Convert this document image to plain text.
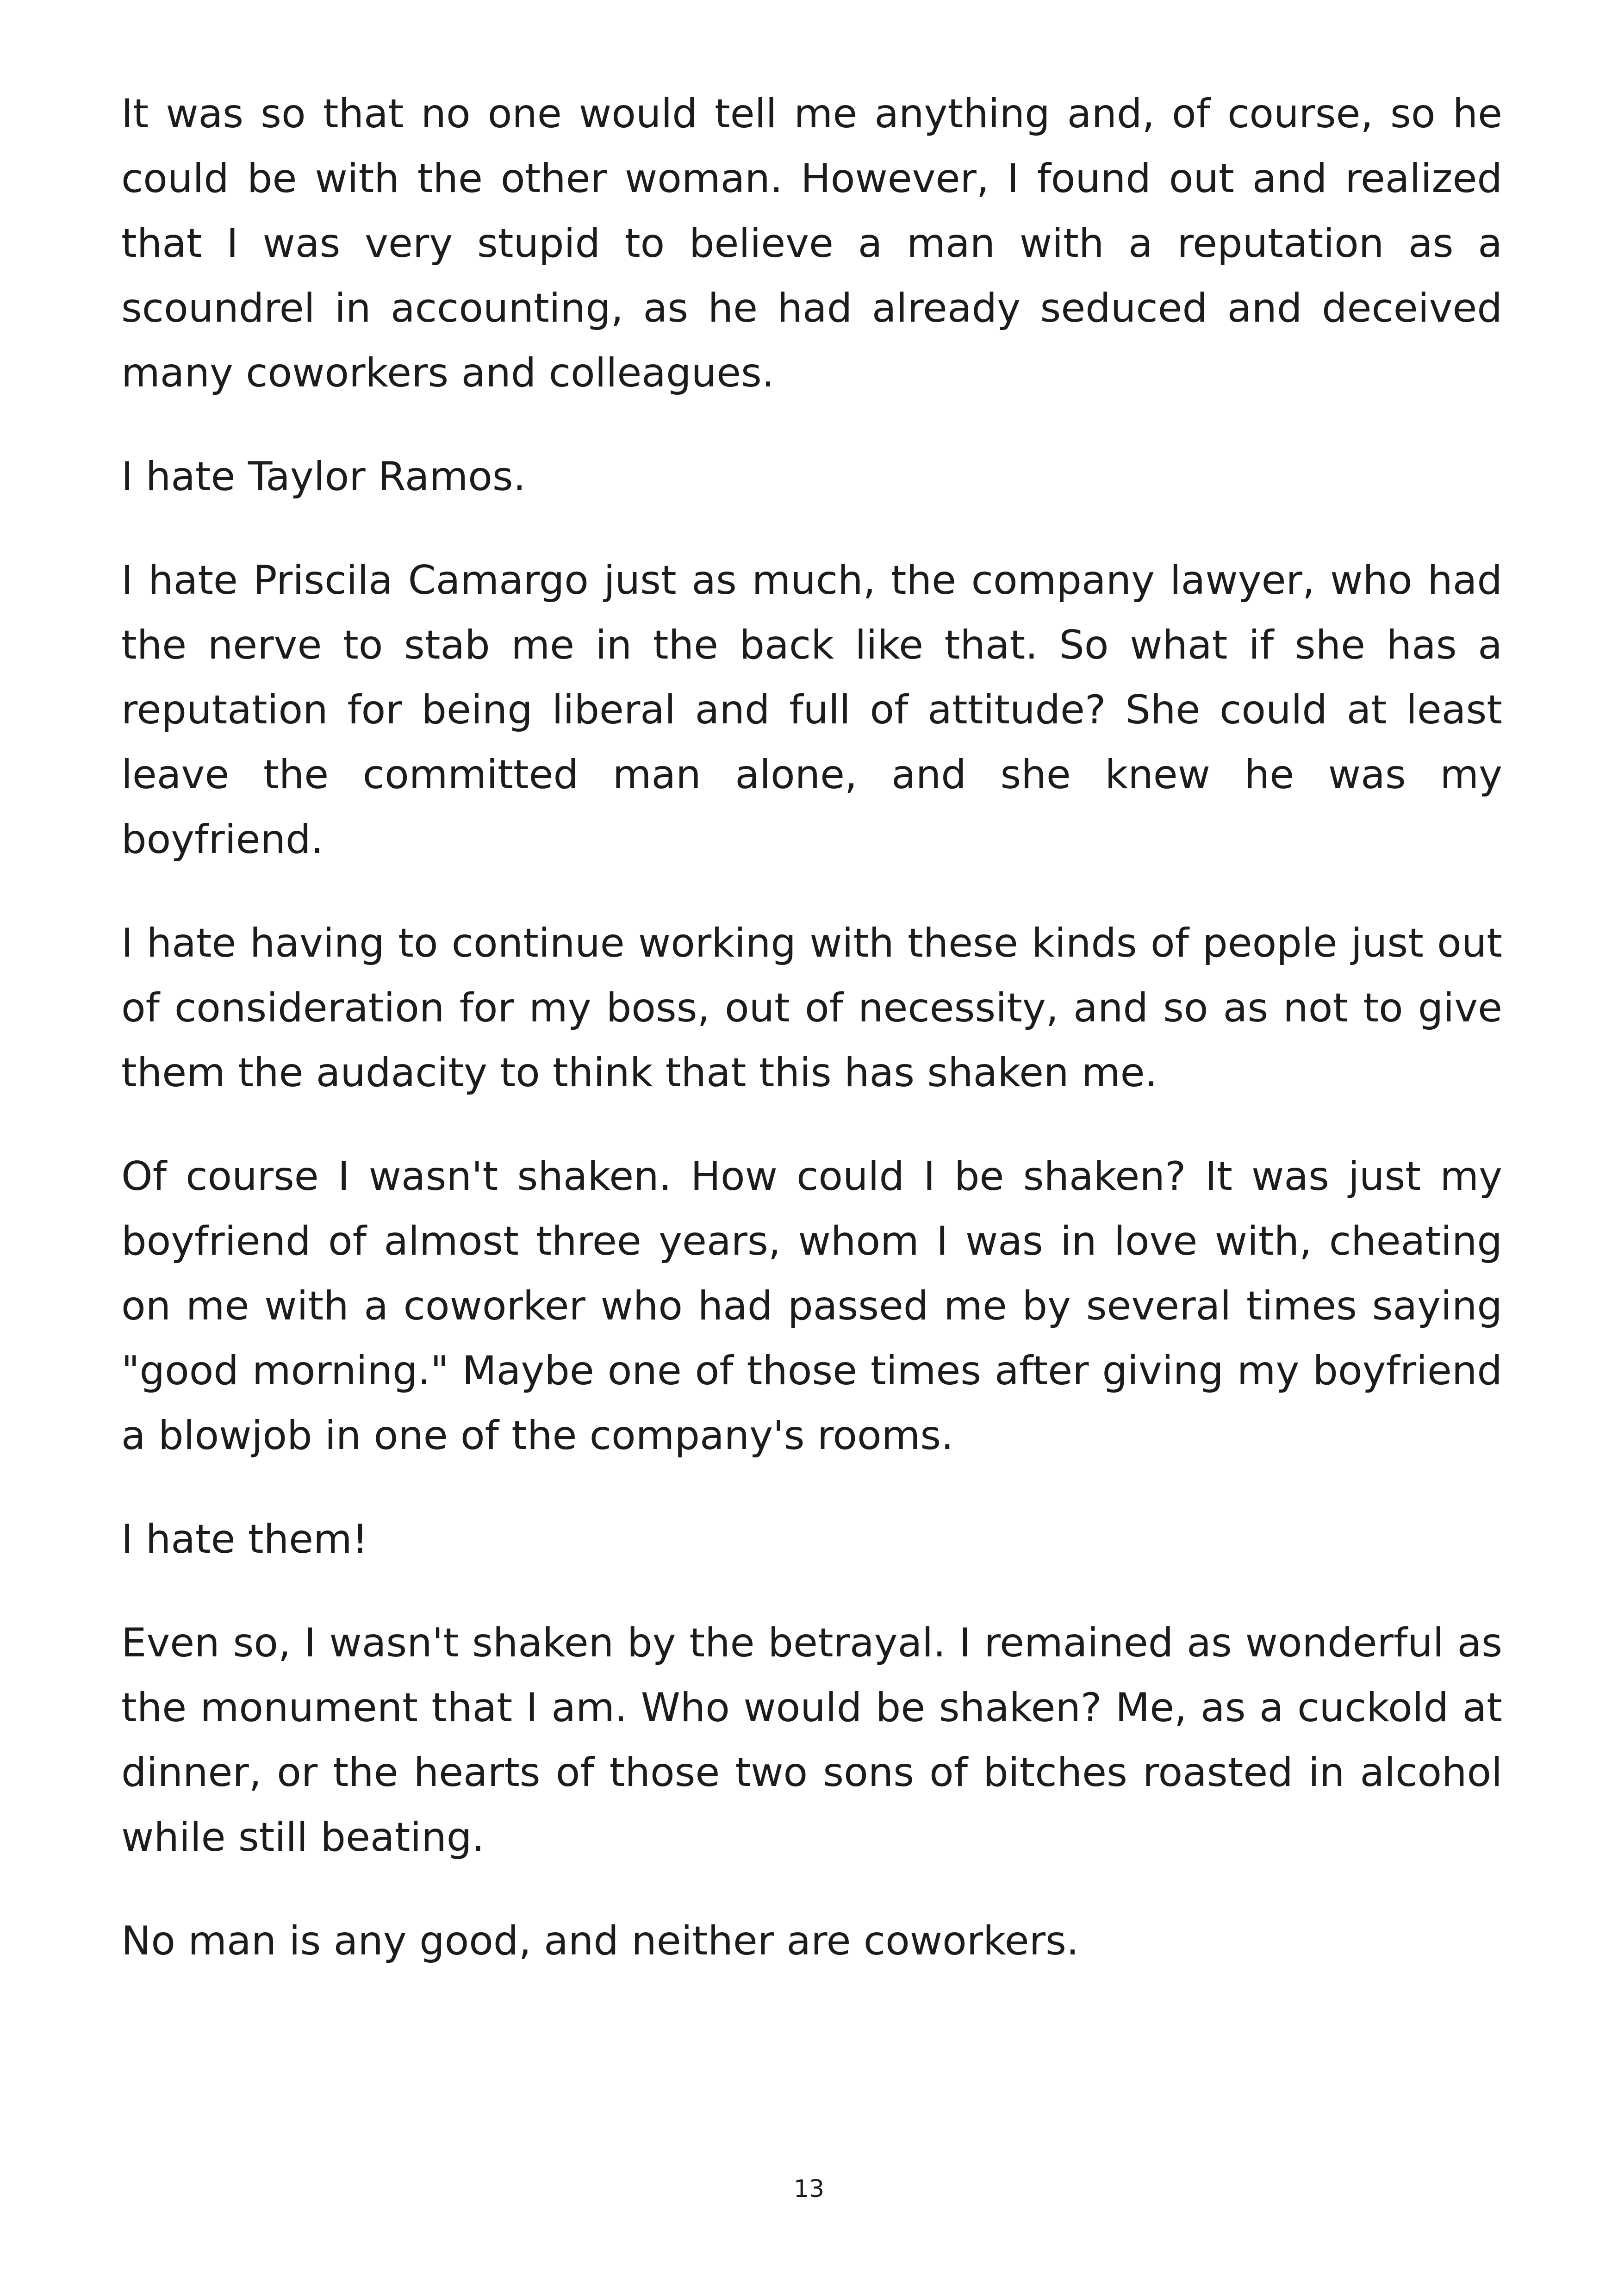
It was so that no one would tell me anything and, of course, so he could be with the other woman. However, I found out and realized that I was very stupid to believe a man with a reputation as a scoundrel in accounting, as he had already seduced and deceived many coworkers and colleagues.

I hate Taylor Ramos.

I hate Priscila Camargo just as much, the company lawyer, who had the nerve to stab me in the back like that. So what if she has a reputation for being liberal and full of attitude? She could at least leave the committed man alone, and she knew he was my boyfriend.

I hate having to continue working with these kinds of people just out of consideration for my boss, out of necessity, and so as not to give them the audacity to think that this has shaken me.

Of course I wasn't shaken. How could I be shaken? It was just my boyfriend of almost three years, whom I was in love with, cheating on me with a coworker who had passed me by several times saying "good morning." Maybe one of those times after giving my boyfriend a blowjob in one of the company's rooms.

I hate them!

Even so, I wasn't shaken by the betrayal. I remained as wonderful as the monument that I am. Who would be shaken? Me, as a cuckold at dinner, or the hearts of those two sons of bitches roasted in alcohol while still beating.

No man is any good, and neither are coworkers.

13
